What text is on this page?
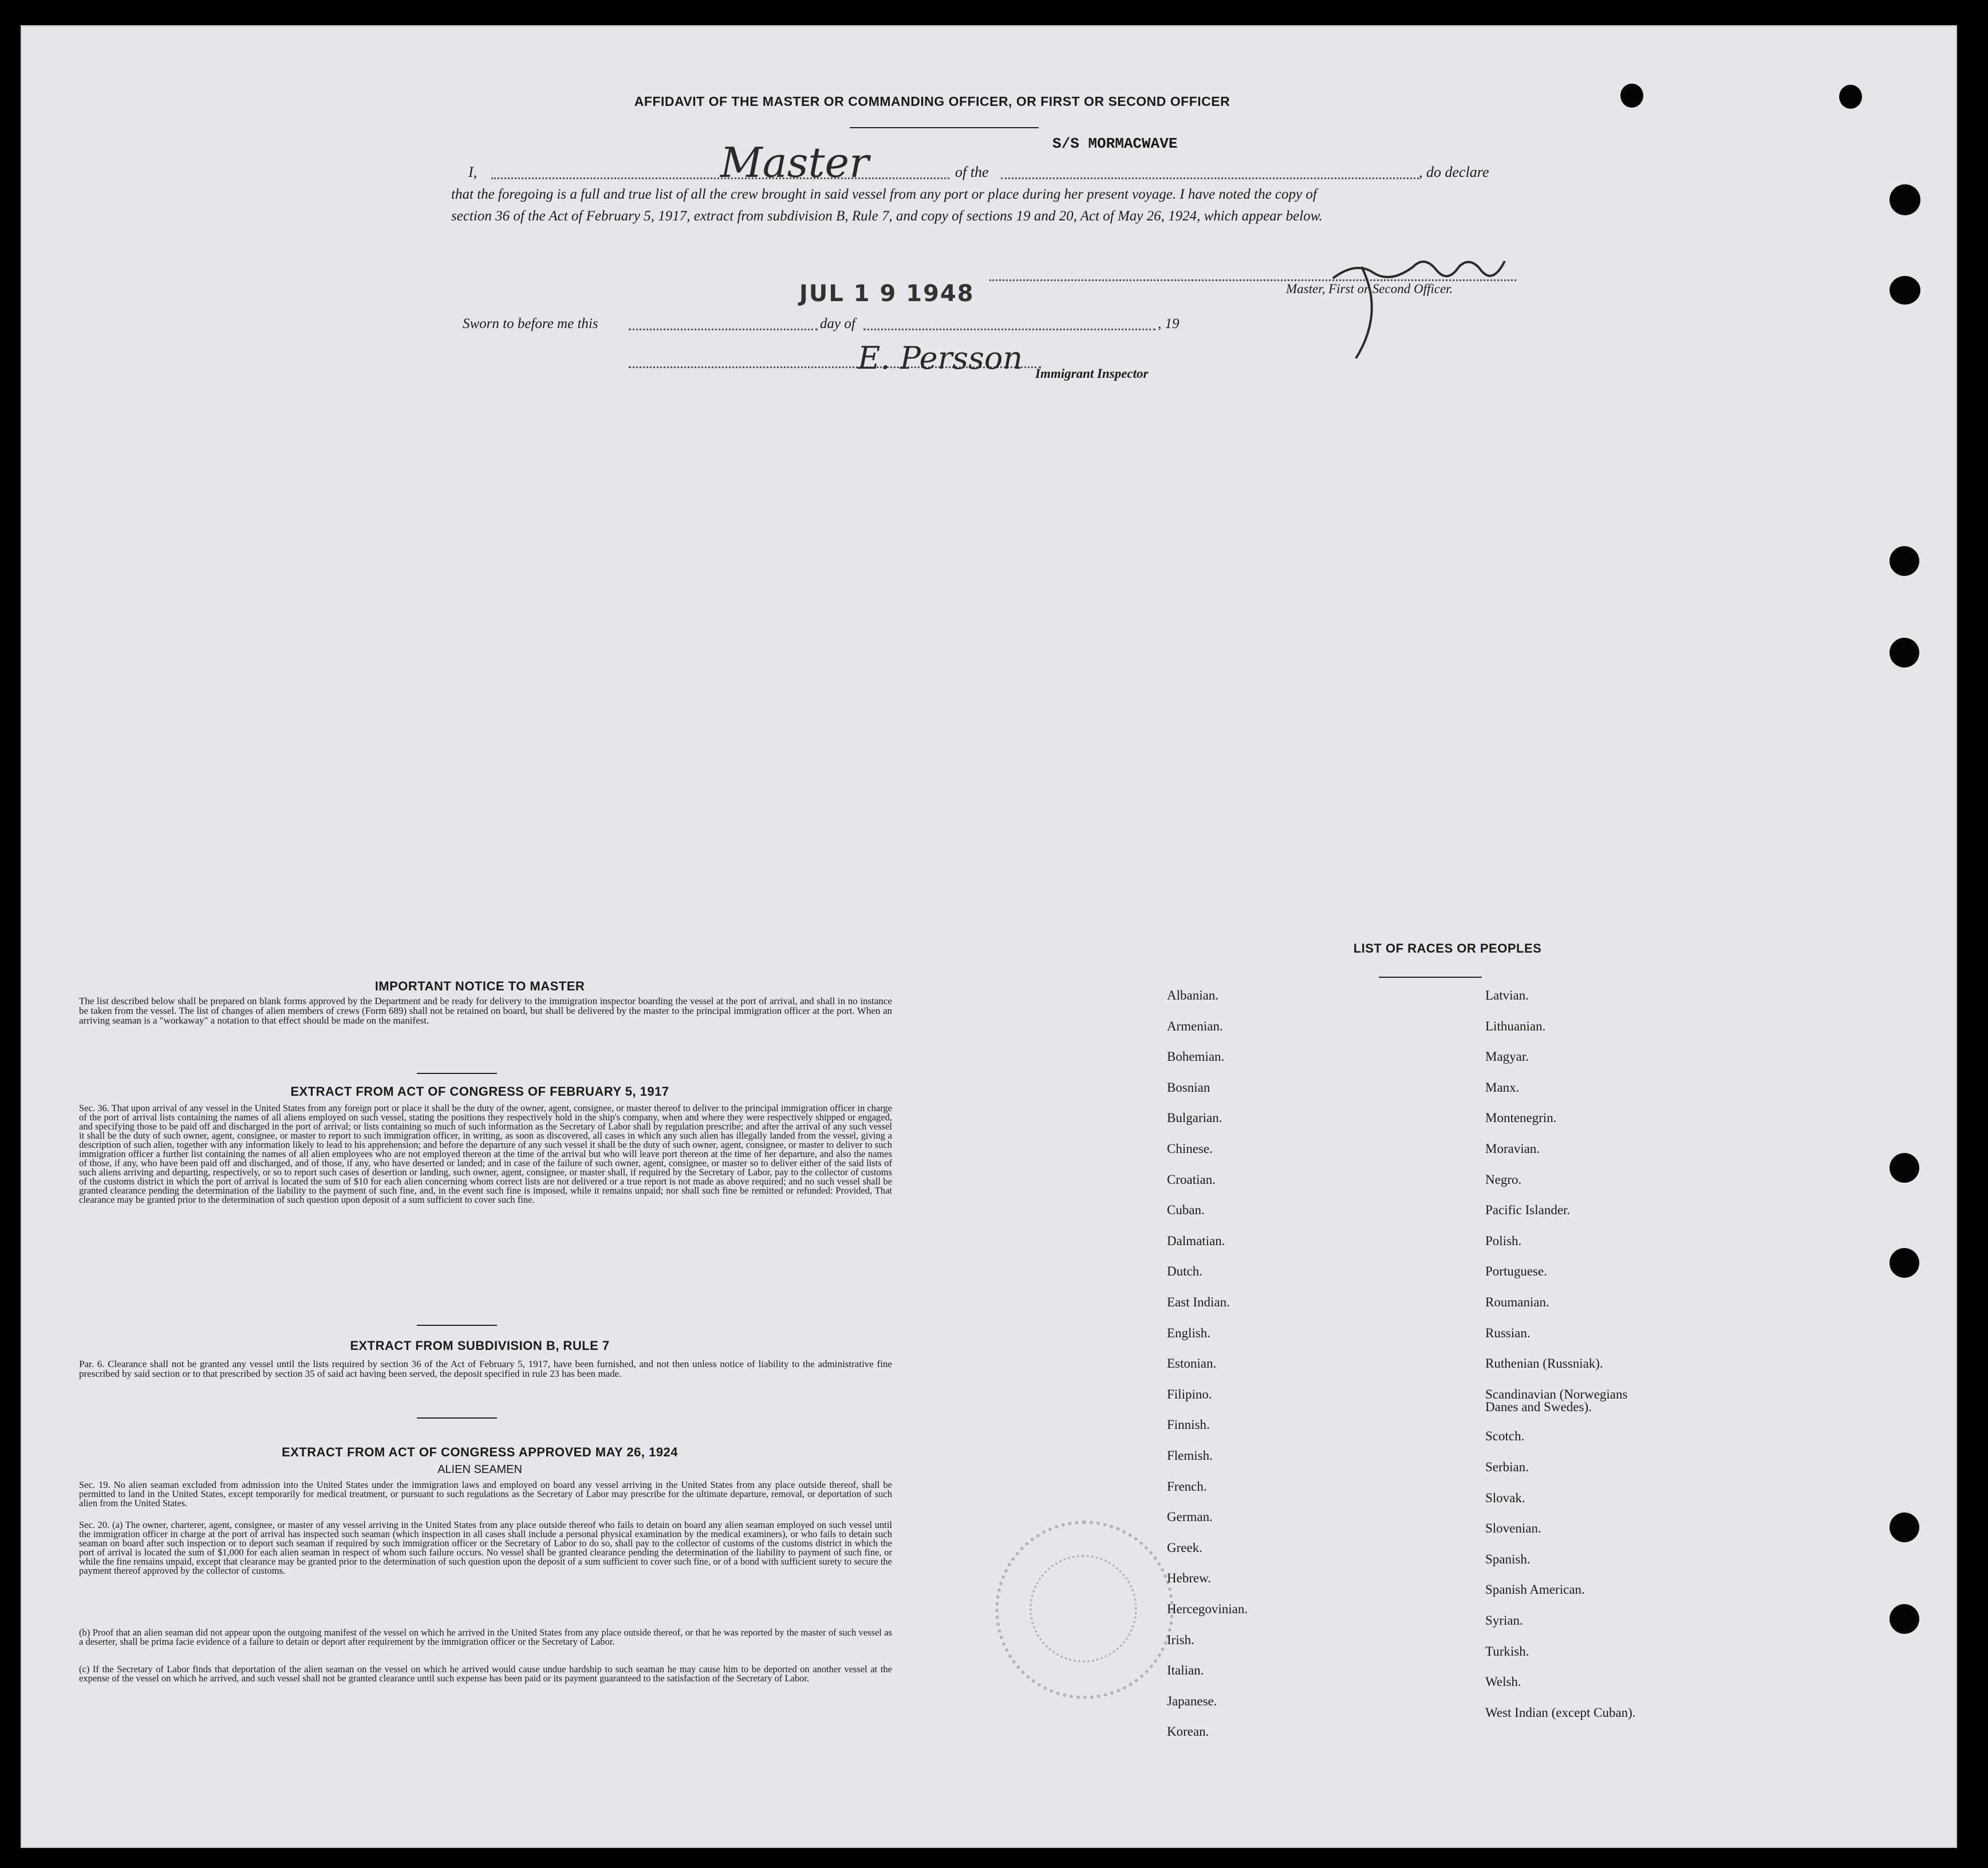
AFFIDAVIT OF THE MASTER OR COMMANDING OFFICER, OR FIRST OR SECOND OFFICER
S/S MORMACWAVE
I,	Master	of the	, do declare
that the foregoing is a full and true list of all the crew brought in said vessel from any port or place during her present voyage. I have noted the copy of
section 36 of the Act of February 5, 1917, extract from subdivision B, Rule 7, and copy of sections 19 and 20, Act of May 26, 1924, which appear below.
JUL 1 9 1948	Master, First or Second Officer.
Sworn to before me this	day of	, 19
E. Persson Immigrant Inspector
IMPORTANT NOTICE TO MASTER
The list described below shall be prepared on blank forms approved by the Department and be ready for delivery to the immigration inspector boarding the vessel at the port of arrival, and shall in no instance be taken from the vessel. The list of changes of alien members of crews (Form 689) shall not be retained on board, but shall be delivered by the master to the principal immigration officer at the port. When an arriving seaman is a "workaway" a notation to that effect should be made on the manifest.
EXTRACT FROM ACT OF CONGRESS OF FEBRUARY 5, 1917
Sec. 36. That upon arrival of any vessel in the United States from any foreign port or place it shall be the duty of the owner, agent, consignee, or master thereof to deliver to the principal immigration officer in charge of the port of arrival lists containing the names of all aliens employed on such vessel, stating the positions they respectively hold in the ship's company, when and where they were respectively shipped or engaged, and specifying those to be paid off and discharged in the port of arrival; or lists containing so much of such information as the Secretary of Labor shall by regulation prescribe; and after the arrival of any such vessel it shall be the duty of such owner, agent, consignee, or master to report to such immigration officer, in writing, as soon as discovered, all cases in which any such alien has illegally landed from the vessel, giving a description of such alien, together with any information likely to lead to his apprehension; and before the departure of any such vessel it shall be the duty of such owner, agent, consignee, or master to deliver to such immigration officer a further list containing the names of all alien employees who are not employed thereon at the time of the arrival but who will leave port thereon at the time of her departure, and also the names of those, if any, who have been paid off and discharged, and of those, if any, who have deserted or landed; and in case of the failure of such owner, agent, consignee, or master so to deliver either of the said lists of such aliens arriving and departing, respectively, or so to report such cases of desertion or landing, such owner, agent, consignee, or master shall, if required by the Secretary of Labor, pay to the collector of customs of the customs district in which the port of arrival is located the sum of $10 for each alien concerning whom correct lists are not delivered or a true report is not made as above required; and no such vessel shall be granted clearance pending the determination of the liability to the payment of such fine, and, in the event such fine is imposed, while it remains unpaid; nor shall such fine be remitted or refunded: Provided, That clearance may be granted prior to the determination of such question upon deposit of a sum sufficient to cover such fine.
EXTRACT FROM SUBDIVISION B, RULE 7
Par. 6. Clearance shall not be granted any vessel until the lists required by section 36 of the Act of February 5, 1917, have been furnished, and not then unless notice of liability to the administrative fine prescribed by said section or to that prescribed by section 35 of said act having been served, the deposit specified in rule 23 has been made.
EXTRACT FROM ACT OF CONGRESS APPROVED MAY 26, 1924
ALIEN SEAMEN
Sec. 19. No alien seaman excluded from admission into the United States under the immigration laws and employed on board any vessel arriving in the United States from any place outside thereof, shall be permitted to land in the United States, except temporarily for medical treatment, or pursuant to such regulations as the Secretary of Labor may prescribe for the ultimate departure, removal, or deportation of such alien from the United States.
Sec. 20. (a) The owner, charterer, agent, consignee, or master of any vessel arriving in the United States from any place outside thereof who fails to detain on board any alien seaman employed on such vessel until the immigration officer in charge at the port of arrival has inspected such seaman (which inspection in all cases shall include a personal physical examination by the medical examiners), or who fails to detain such seaman on board after such inspection or to deport such seaman if required by such immigration officer or the Secretary of Labor to do so, shall pay to the collector of customs of the customs district in which the port of arrival is located the sum of $1,000 for each alien seaman in respect of whom such failure occurs. No vessel shall be granted clearance pending the determination of the liability to payment of such fine, or while the fine remains unpaid, except that clearance may be granted prior to the determination of such question upon the deposit of a sum sufficient to cover such fine, or of a bond with sufficient surety to secure the payment thereof approved by the collector of customs.
(b) Proof that an alien seaman did not appear upon the outgoing manifest of the vessel on which he arrived in the United States from any place outside thereof, or that he was reported by the master of such vessel as a deserter, shall be prima facie evidence of a failure to detain or deport after requirement by the immigration officer or the Secretary of Labor.
(c) If the Secretary of Labor finds that deportation of the alien seaman on the vessel on which he arrived would cause undue hardship to such seaman he may cause him to be deported on another vessel at the expense of the vessel on which he arrived, and such vessel shall not be granted clearance until such expense has been paid or its payment guaranteed to the satisfaction of the Secretary of Labor.
LIST OF RACES OR PEOPLES
Albanian.
Armenian.
Bohemian.
Bosnian
Bulgarian.
Chinese.
Croatian.
Cuban.
Dalmatian.
Dutch.
East Indian.
English.
Estonian.
Filipino.
Finnish.
Flemish.
French.
German.
Greek.
Hebrew.
Hercegovinian.
Irish.
Italian.
Japanese.
Korean.
Latvian.
Lithuanian.
Magyar.
Manx.
Montenegrin.
Moravian.
Negro.
Pacific Islander.
Polish.
Portuguese.
Roumanian.
Russian.
Ruthenian (Russniak).
Scandinavian (Norwegians
Danes and Swedes).
Scotch.
Serbian.
Slovak.
Slovenian.
Spanish.
Spanish American.
Syrian.
Turkish.
Welsh.
West Indian (except Cuban).
